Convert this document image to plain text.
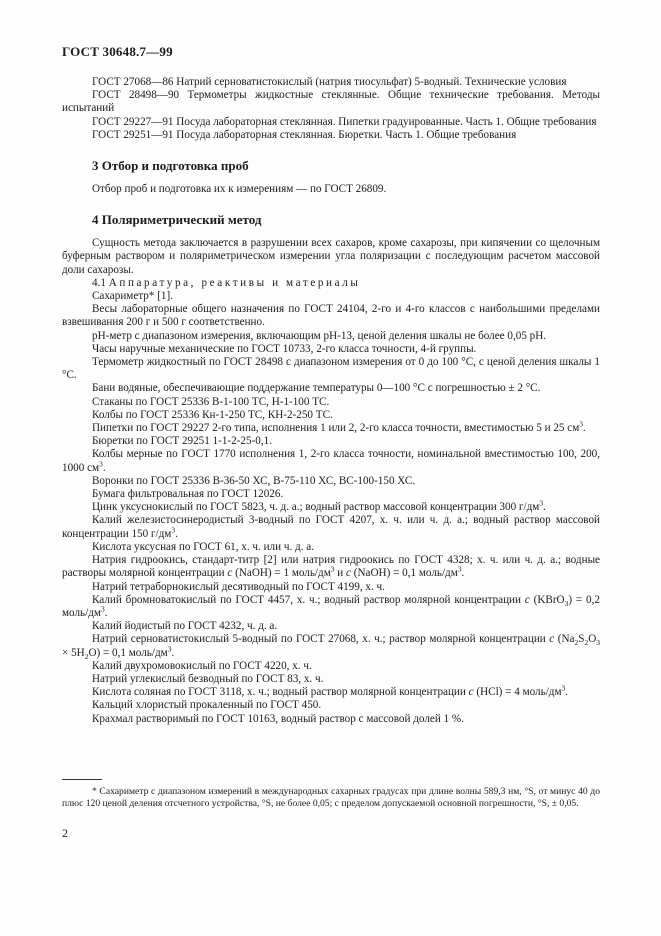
ГОСТ 30648.7—99

ГОСТ 27068—86 Натрий серноватистокислый (натрия тиосульфат) 5-водный. Технические условия

ГОСТ 28498—90 Термометры жидкостные стеклянные. Общие технические требования. Методы испытаний

ГОСТ 29227—91 Посуда лабораторная стеклянная. Пипетки градуированные. Часть 1. Общие требования

ГОСТ 29251—91 Посуда лабораторная стеклянная. Бюретки. Часть 1. Общие требования

3 Отбор и подготовка проб

Отбор проб и подготовка их к измерениям — по ГОСТ 26809.

4 Поляриметрический метод

Сущность метода заключается в разрушении всех сахаров, кроме сахарозы, при кипячении со щелочным буферным раствором и поляриметрическом измерении угла поляризации с последующим расчетом массовой доли сахарозы.

4.1 Аппаратура, реактивы и материалы

Сахариметр* [1].

Весы лабораторные общего назначения по ГОСТ 24104, 2-го и 4-го классов с наибольшими пределами взвешивания 200 г и 500 г соответственно.

рН-метр с диапазоном измерения, включающим рН-13, ценой деления шкалы не более 0,05 рН.

Часы наручные механические по ГОСТ 10733, 2-го класса точности, 4-й группы.

Термометр жидкостный по ГОСТ 28498 с диапазоном измерения от 0 до 100 °С, с ценой деления шкалы 1 °С.

Бани водяные, обеспечивающие поддержание температуры 0—100 °С с погрешностью ± 2 °С.

Стаканы по ГОСТ 25336 В-1-100 ТС, Н-1-100 ТС.

Колбы по ГОСТ 25336 Кн-1-250 ТС, КН-2-250 ТС.

Пипетки по ГОСТ 29227 2-го типа, исполнения 1 или 2, 2-го класса точности, вместимостью 5 и 25 $см^3$.

Бюретки по ГОСТ 29251 1-1-2-25-0,1.

Колбы мерные по ГОСТ 1770 исполнения 1, 2-го класса точности, номинальной вместимостью 100, 200, 1000 $см^3$.

Воронки по ГОСТ 25336 В-36-50 ХС, В-75-110 ХС, ВС-100-150 ХС.

Бумага фильтровальная по ГОСТ 12026.

Цинк уксуснокислый по ГОСТ 5823, ч. д. а.; водный раствор массовой концентрации 300 $г/дм^3$.

Калий железистосинеродистый 3-водный по ГОСТ 4207, х. ч. или ч. д. а.; водный раствор массовой концентрации 150 $г/дм^3$.

Кислота уксусная по ГОСТ 61, х. ч. или ч. д. а.

Натрия гидроокись, стандарт-титр [2] или натрия гидроокись по ГОСТ 4328; х. ч. или ч. д. а.; водные растворы молярной концентрации c (NaOH) = 1 моль/$дм^3$ и c (NaOH) = 0,1 моль/$дм^3$.

Натрий тетраборнокислый десятиводный по ГОСТ 4199, х. ч.

Калий бромноватокислый по ГОСТ 4457, х. ч.; водный раствор молярной концентрации c (KBrO$_3$) = 0,2 моль/$дм^3$.

Калий йодистый по ГОСТ 4232, ч. д. а.

Натрий серноватистокислый 5-водный по ГОСТ 27068, х. ч.; раствор молярной концентрации c $(Na_2S_2O_3 \times 5H_2O) = 0,1$ моль/$дм^3$.

Калий двухромовокислый по ГОСТ 4220, х. ч.

Натрий углекислый безводный по ГОСТ 83, х. ч.

Кислота соляная по ГОСТ 3118, х. ч.; водный раствор молярной концентрации c (HCl) = 4 моль/$дм^3$.

Кальций хлористый прокаленный по ГОСТ 450.

Крахмал растворимый по ГОСТ 10163, водный раствор с массовой долей 1 %.

* Сахариметр с диапазоном измерений в международных сахарных градусах при длине волны 589,3 нм, °S, от минус 40 до плюс 120 ценой деления отсчетного устройства, °S, не более 0,05; с пределом допускаемой основной погрешности, °S, ± 0,05.

2
